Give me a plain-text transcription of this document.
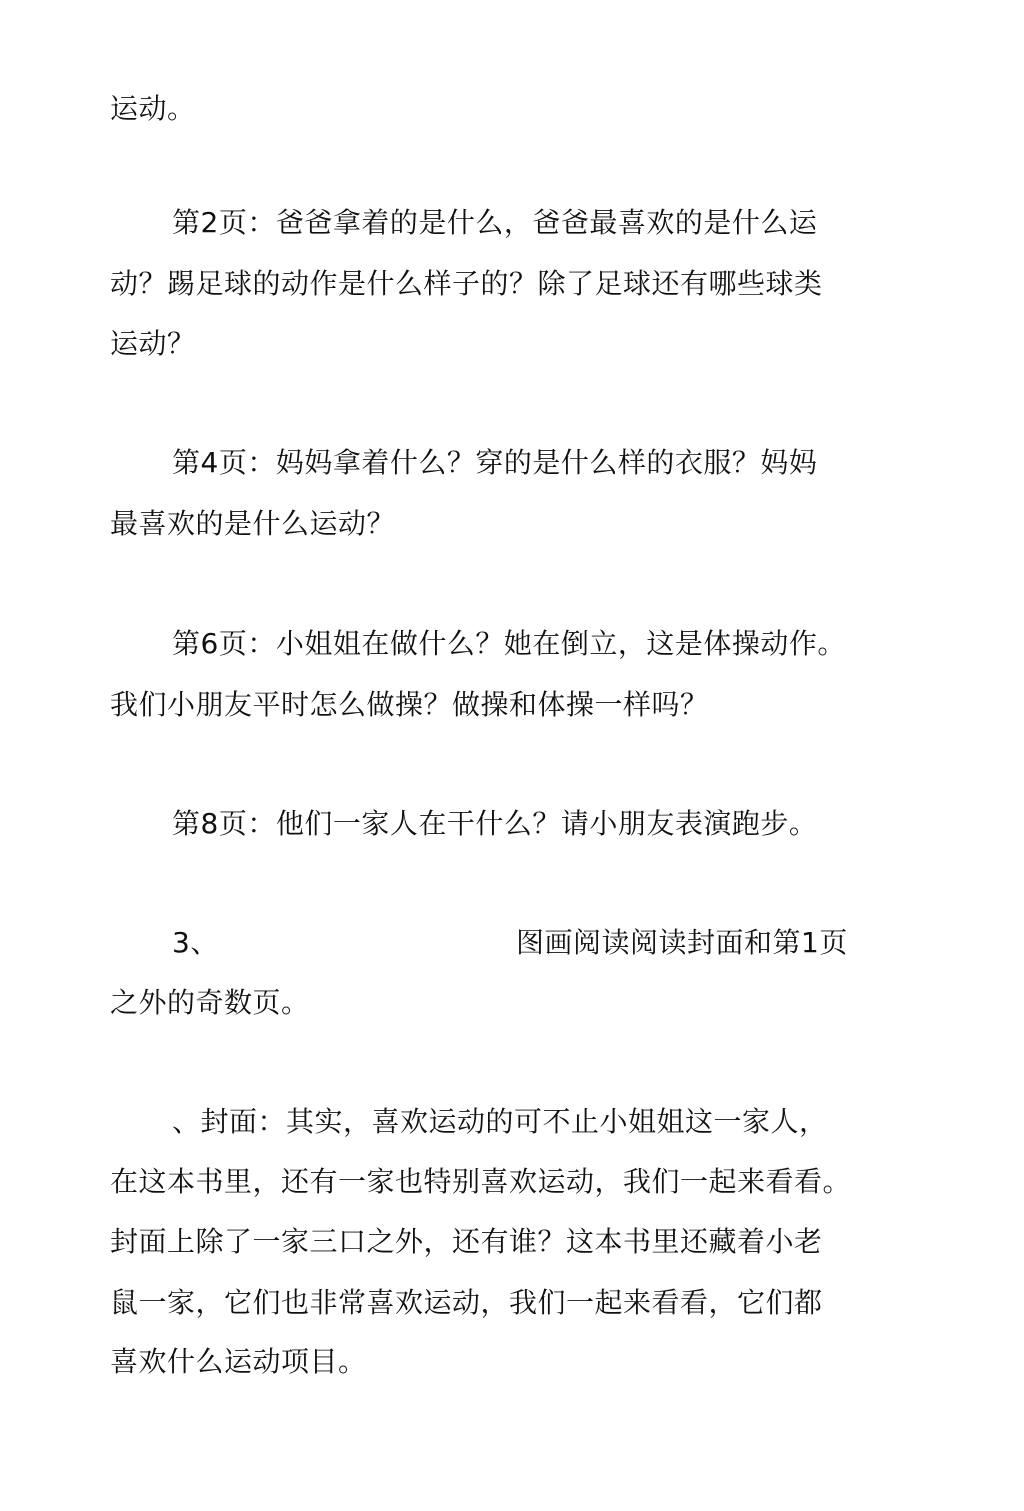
运动。
第2页：爸爸拿着的是什么，爸爸最喜欢的是什么运
动？踢足球的动作是什么样子的？除了足球还有哪些球类
运动？
第4页：妈妈拿着什么？穿的是什么样的衣服？妈妈
最喜欢的是什么运动？
第6页：小姐姐在做什么？她在倒立，这是体操动作。
我们小朋友平时怎么做操？做操和体操一样吗？
第8页：他们一家人在干什么？请小朋友表演跑步。
3、	图画阅读阅读封面和第1页
之外的奇数页。
、封面：其实，喜欢运动的可不止小姐姐这一家人，
在这本书里，还有一家也特别喜欢运动，我们一起来看看。
封面上除了一家三口之外，还有谁？这本书里还藏着小老
鼠一家，它们也非常喜欢运动，我们一起来看看，它们都
喜欢什么运动项目。
